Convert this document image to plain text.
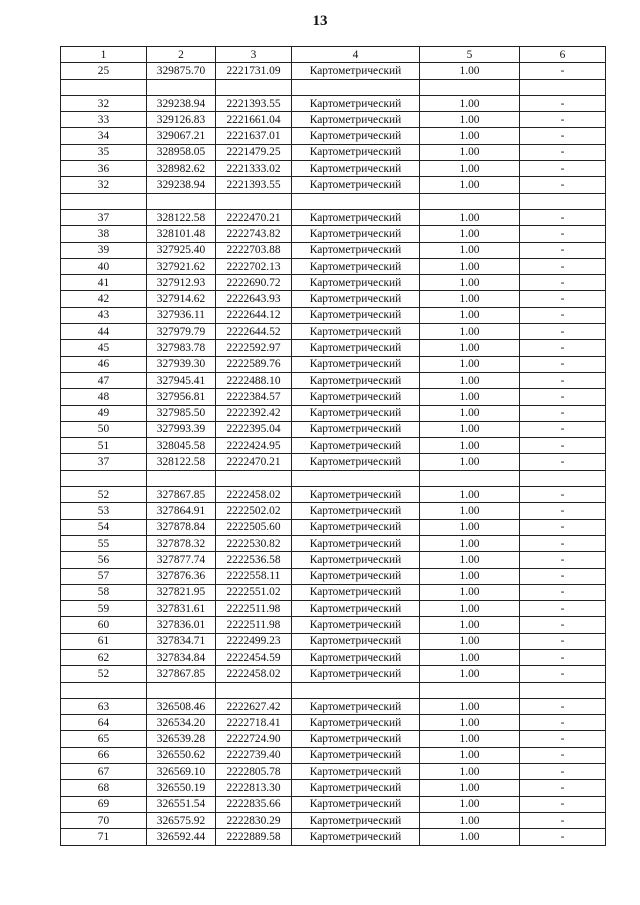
13
1	2	3	4	5	6
25	329875.70	2221731.09	Картометрический	1.00	-

32	329238.94	2221393.55	Картометрический	1.00	-
33	329126.83	2221661.04	Картометрический	1.00	-
34	329067.21	2221637.01	Картометрический	1.00	-
35	328958.05	2221479.25	Картометрический	1.00	-
36	328982.62	2221333.02	Картометрический	1.00	-
32	329238.94	2221393.55	Картометрический	1.00	-

37	328122.58	2222470.21	Картометрический	1.00	-
38	328101.48	2222743.82	Картометрический	1.00	-
39	327925.40	2222703.88	Картометрический	1.00	-
40	327921.62	2222702.13	Картометрический	1.00	-
41	327912.93	2222690.72	Картометрический	1.00	-
42	327914.62	2222643.93	Картометрический	1.00	-
43	327936.11	2222644.12	Картометрический	1.00	-
44	327979.79	2222644.52	Картометрический	1.00	-
45	327983.78	2222592.97	Картометрический	1.00	-
46	327939.30	2222589.76	Картометрический	1.00	-
47	327945.41	2222488.10	Картометрический	1.00	-
48	327956.81	2222384.57	Картометрический	1.00	-
49	327985.50	2222392.42	Картометрический	1.00	-
50	327993.39	2222395.04	Картометрический	1.00	-
51	328045.58	2222424.95	Картометрический	1.00	-
37	328122.58	2222470.21	Картометрический	1.00	-

52	327867.85	2222458.02	Картометрический	1.00	-
53	327864.91	2222502.02	Картометрический	1.00	-
54	327878.84	2222505.60	Картометрический	1.00	-
55	327878.32	2222530.82	Картометрический	1.00	-
56	327877.74	2222536.58	Картометрический	1.00	-
57	327876.36	2222558.11	Картометрический	1.00	-
58	327821.95	2222551.02	Картометрический	1.00	-
59	327831.61	2222511.98	Картометрический	1.00	-
60	327836.01	2222511.98	Картометрический	1.00	-
61	327834.71	2222499.23	Картометрический	1.00	-
62	327834.84	2222454.59	Картометрический	1.00	-
52	327867.85	2222458.02	Картометрический	1.00	-

63	326508.46	2222627.42	Картометрический	1.00	-
64	326534.20	2222718.41	Картометрический	1.00	-
65	326539.28	2222724.90	Картометрический	1.00	-
66	326550.62	2222739.40	Картометрический	1.00	-
67	326569.10	2222805.78	Картометрический	1.00	-
68	326550.19	2222813.30	Картометрический	1.00	-
69	326551.54	2222835.66	Картометрический	1.00	-
70	326575.92	2222830.29	Картометрический	1.00	-
71	326592.44	2222889.58	Картометрический	1.00	-
